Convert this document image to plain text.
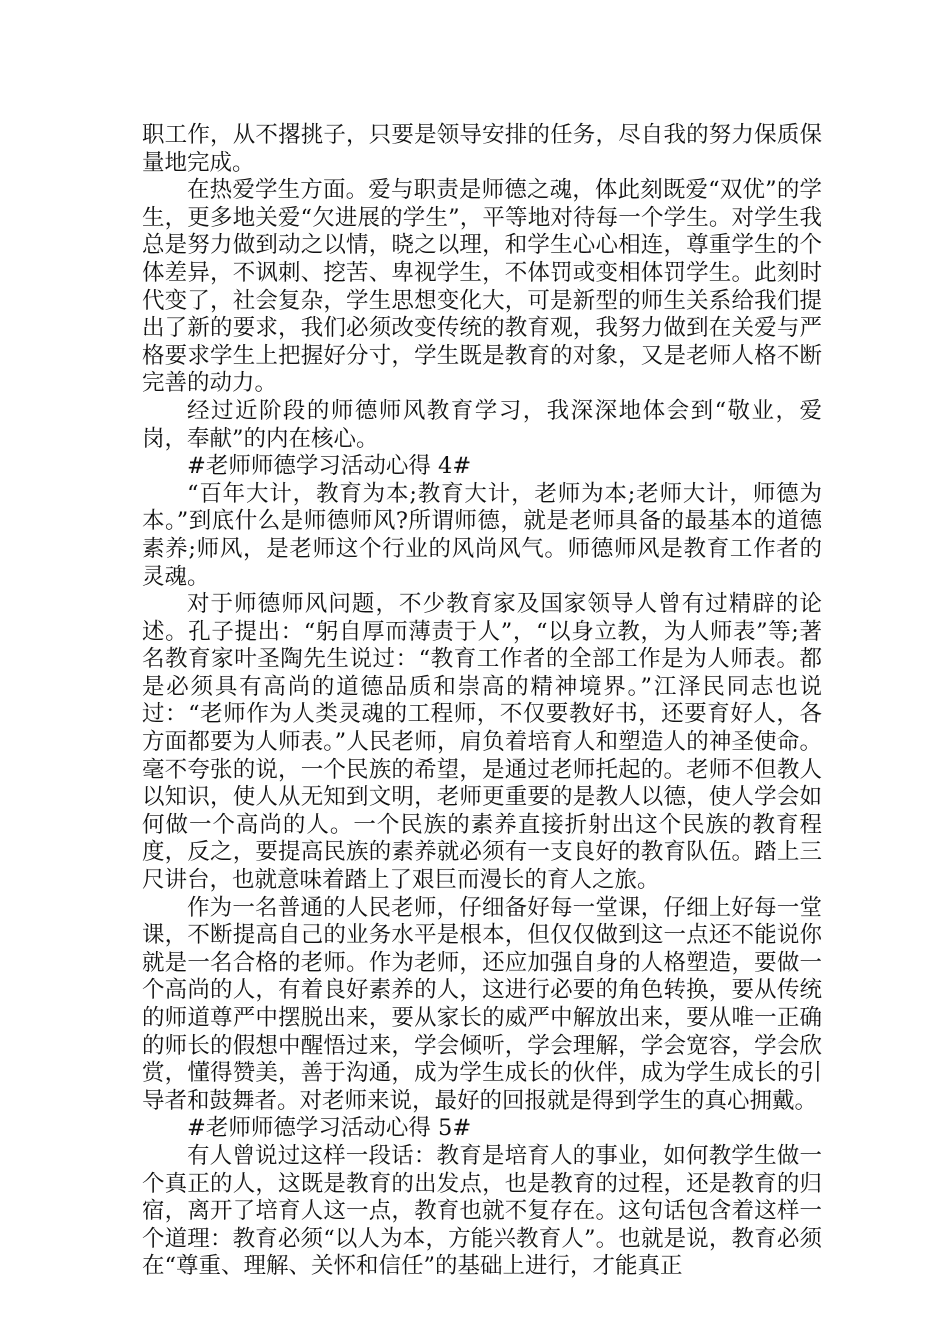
职工作，从不撂挑子，只要是领导安排的任务，尽自我的努力保质保量地完成。

在热爱学生方面。爱与职责是师德之魂，体此刻既爱“双优”的学生，更多地关爱“欠进展的学生”，平等地对待每一个学生。对学生我总是努力做到动之以情，晓之以理，和学生心心相连，尊重学生的个体差异，不讽刺、挖苦、卑视学生，不体罚或变相体罚学生。此刻时代变了，社会复杂，学生思想变化大，可是新型的师生关系给我们提出了新的要求，我们必须改变传统的教育观，我努力做到在关爱与严格要求学生上把握好分寸，学生既是教育的对象，又是老师人格不断完善的动力。

经过近阶段的师德师风教育学习，我深深地体会到“敬业，爱岗，奉献”的内在核心。

#老师师德学习活动心得 4#

“百年大计，教育为本;教育大计，老师为本;老师大计，师德为本。”到底什么是师德师风?所谓师德，就是老师具备的最基本的道德素养;师风，是老师这个行业的风尚风气。师德师风是教育工作者的灵魂。

对于师德师风问题，不少教育家及国家领导人曾有过精辟的论述。孔子提出：“躬自厚而薄责于人”，“以身立教，为人师表”等;著名教育家叶圣陶先生说过：“教育工作者的全部工作是为人师表。都是必须具有高尚的道德品质和崇高的精神境界。”江泽民同志也说过：“老师作为人类灵魂的工程师，不仅要教好书，还要育好人，各方面都要为人师表。”人民老师，肩负着培育人和塑造人的神圣使命。毫不夸张的说，一个民族的希望，是通过老师托起的。老师不但教人以知识，使人从无知到文明，老师更重要的是教人以德，使人学会如何做一个高尚的人。一个民族的素养直接折射出这个民族的教育程度，反之，要提高民族的素养就必须有一支良好的教育队伍。踏上三尺讲台，也就意味着踏上了艰巨而漫长的育人之旅。

作为一名普通的人民老师，仔细备好每一堂课，仔细上好每一堂课，不断提高自己的业务水平是根本，但仅仅做到这一点还不能说你就是一名合格的老师。作为老师，还应加强自身的人格塑造，要做一个高尚的人，有着良好素养的人，这进行必要的角色转换，要从传统的师道尊严中摆脱出来，要从家长的威严中解放出来，要从唯一正确的师长的假想中醒悟过来，学会倾听，学会理解，学会宽容，学会欣赏，懂得赞美，善于沟通，成为学生成长的伙伴，成为学生成长的引导者和鼓舞者。对老师来说，最好的回报就是得到学生的真心拥戴。

#老师师德学习活动心得 5#

有人曾说过这样一段话：教育是培育人的事业，如何教学生做一个真正的人，这既是教育的出发点，也是教育的过程，还是教育的归宿，离开了培育人这一点，教育也就不复存在。这句话包含着这样一个道理：教育必须“以人为本，方能兴教育人”。也就是说，教育必须在“尊重、理解、关怀和信任”的基础上进行，才能真正
